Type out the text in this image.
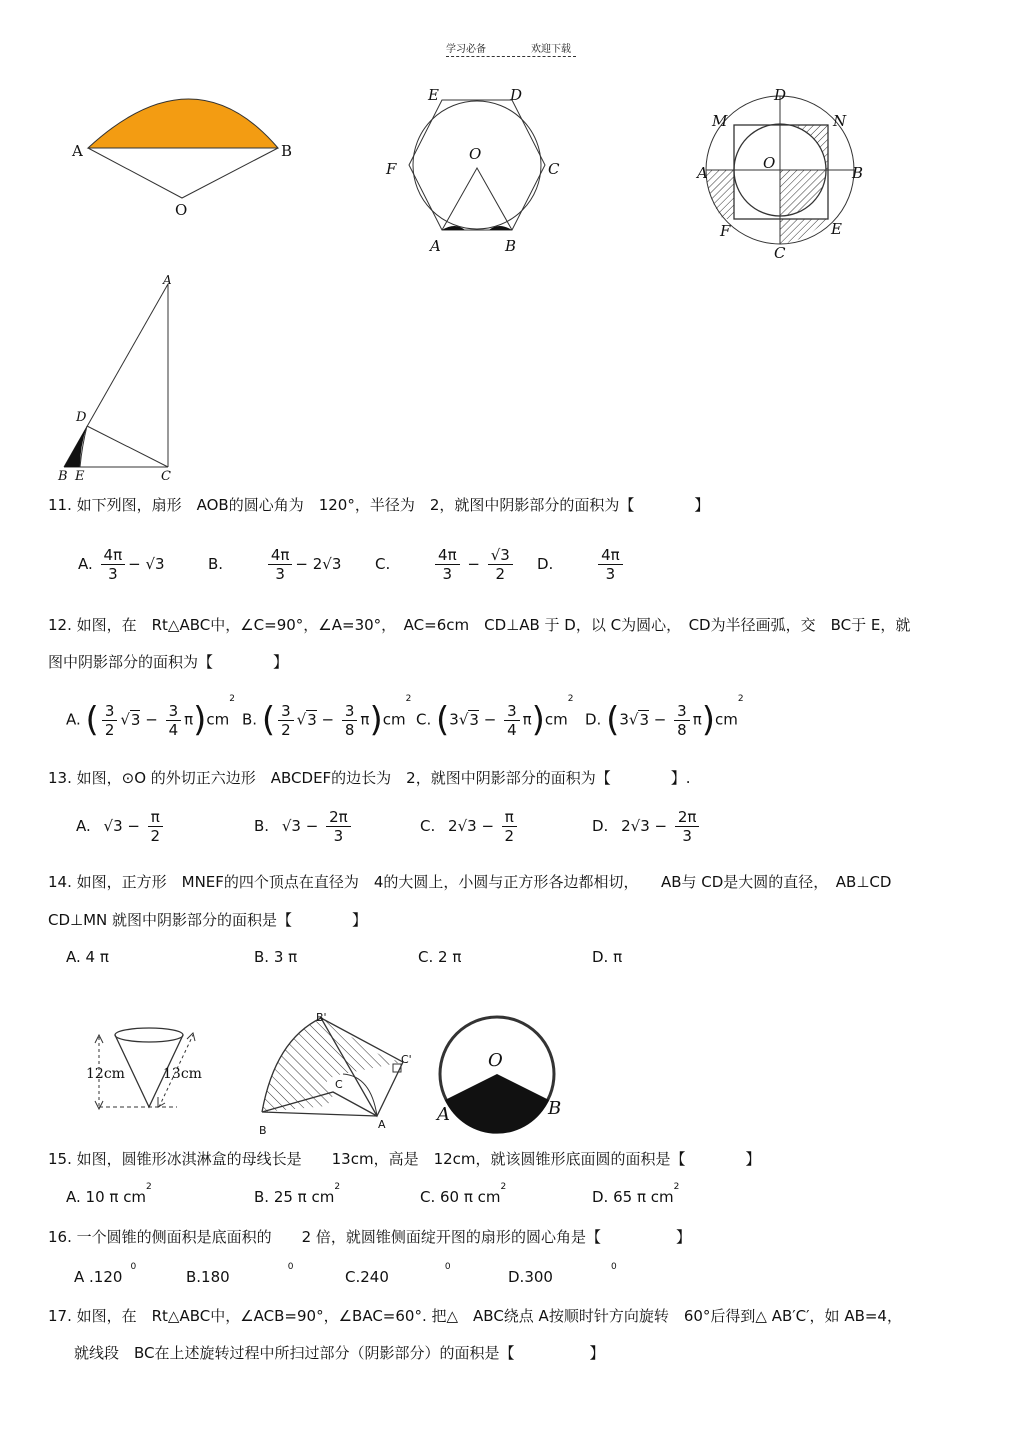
学习必备	欢迎下载
A	B
O
E	D
F	C
O
A	B
D
M	N
A
O
B
F	E
C
A
D
B E	C
11. 如下列图，扇形　AOB的圆心角为　120°，半径为　2，就图中阴影部分的面积为【　　　　】
A. $\frac{4\pi}{3} - √3$	B.	$\frac{4\pi}{3} - 2√3$ C.	$\frac{4\pi}{3} - \frac{√3}{2} D$.	$\frac{4\pi}{3}$
12. 如图，在　Rt△ABC中，∠C=90°，∠A=30°，　AC=6cm　CD⊥AB 于 D，以 C为圆心，　CD为半径画弧，交　BC于 E，就
图中阴影部分的面积为【　　　　】
A. ( $\frac{3}{2} √3 - \frac{3}{4} \pi)cm^2$
B. ( $\frac{3}{2} √3 - \frac{3}{8} \pi)cm^2$
C. $(3√3 - \frac{3}{4} \pi)cm^2$
D. $(3√3 - \frac{3}{8} \pi)cm^2$
13. 如图，⊙O 的外切正六边形　ABCDEF的边长为　2，就图中阴影部分的面积为【　　　　】.
A. $√3 - \frac{\pi}{2}$	B. $√3 - \frac{2\pi}{3}$	C. $2√3 - \frac{\pi}{2}$	D. $2√3 - \frac{2\pi}{3}$
14. 如图，正方形　MNEF的四个顶点在直径为　4的大圆上，小圆与正方形各边都相切，　　AB与 CD是大圆的直径，　AB⊥CD
CD⊥MN 就图中阴影部分的面积是【　　　　】
A. 4 π	B. 3 π	C. 2 π	D. π
12cm	13cm
B'
C'
C
B	A
O
A	B
15. 如图，圆锥形冰淇淋盒的母线长是　　13cm，高是　12cm，就该圆锥形底面圆的面积是【　　　　】
A. 10 π $cm^2$
B. 25 π $cm^2$
C. 60 π $cm^2$
D. 65 π $cm^2$
16. 一个圆锥的侧面积是底面积的　　2 倍，就圆锥侧面绽开图的扇形的圆心角是【　　　　　】
A .120$^0$
B.180$^0$
C.240$^0$
D.300$^0$
17. 如图，在　Rt△ABC中，∠ACB=90°，∠BAC=60°. 把△　ABC绕点 A按顺时针方向旋转　60°后得到△ AB′C′，如 AB=4，
就线段　BC在上述旋转过程中所扫过部分（阴影部分）的面积是【　　　　　】
